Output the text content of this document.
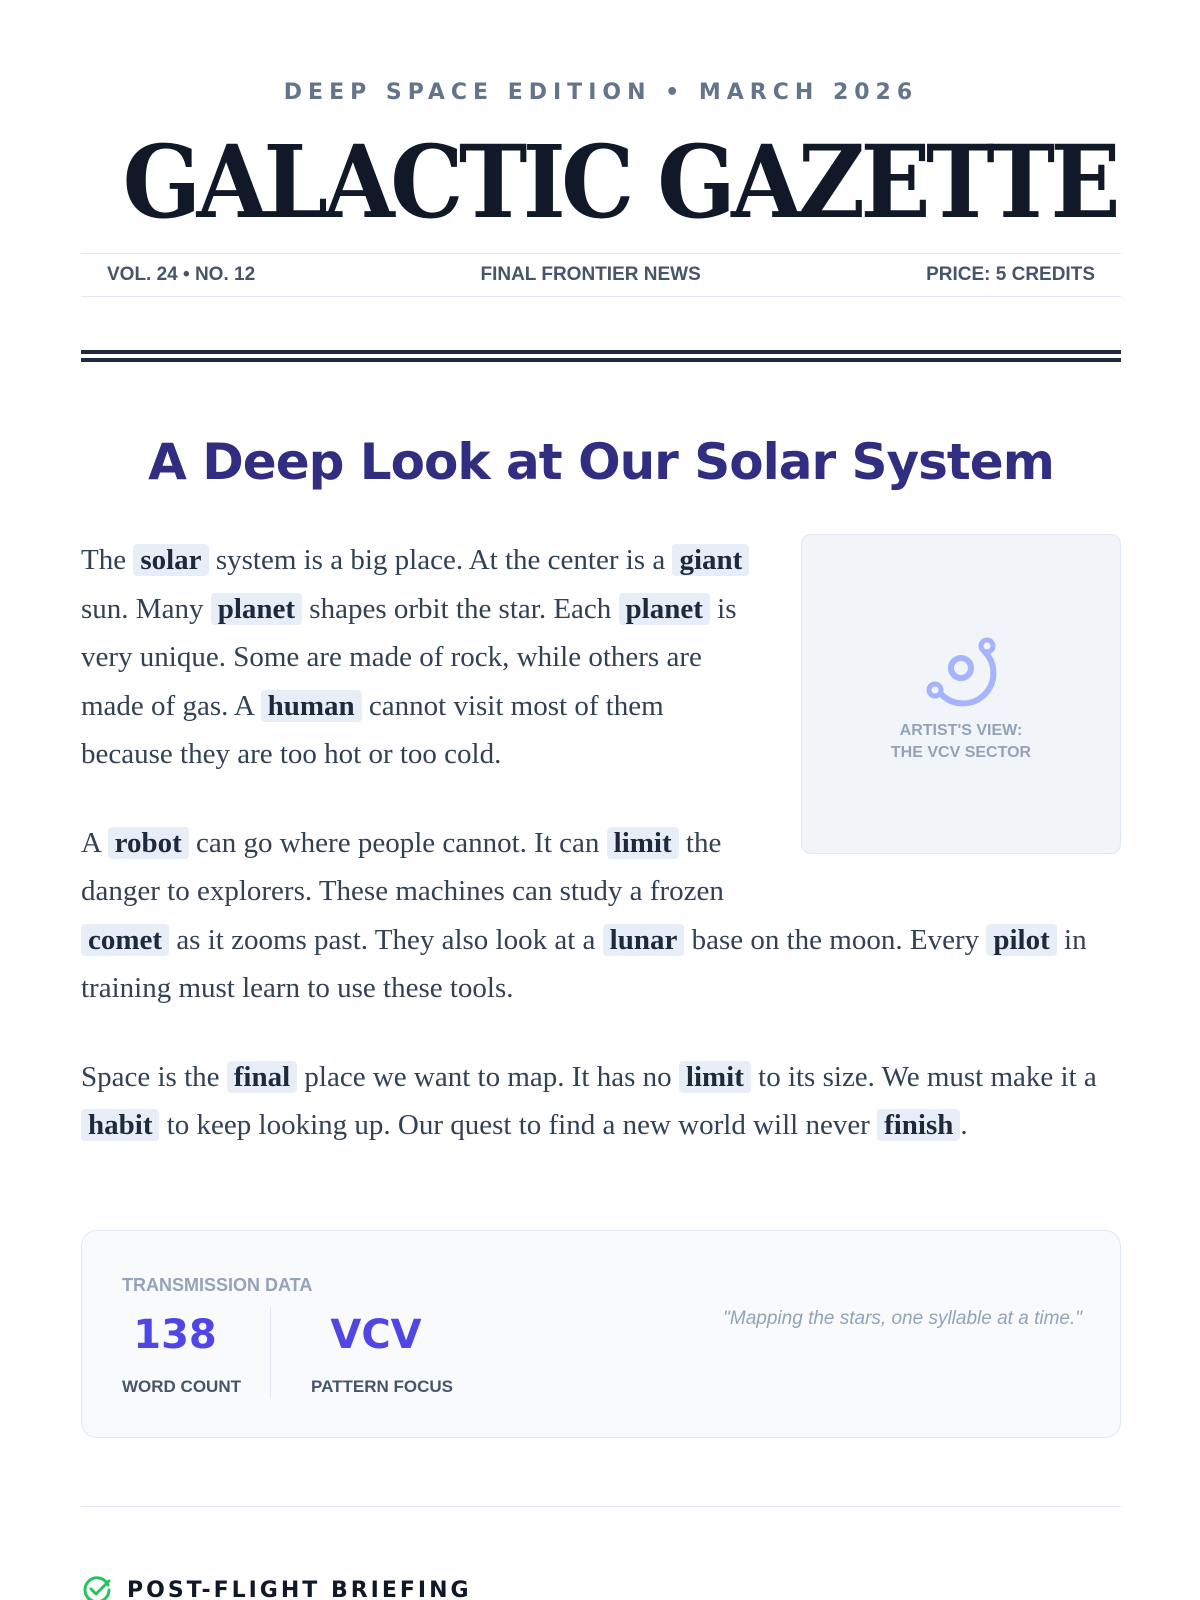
DEEP SPACE EDITION • MARCH 2026
GALACTIC GAZETTE
VOL. 24 • NO. 12	FINAL FRONTIER NEWS	PRICE: 5 CREDITS
A Deep Look at Our Solar System
ARTIST'S VIEW:
THE VCV SECTOR

The solar system is a big place. At the center is a giant sun. Many planet shapes orbit the star. Each planet is very unique. Some are made of rock, while others are made of gas. A human cannot visit most of them because they are too hot or too cold.

A robot can go where people cannot. It can limit the danger to explorers. These machines can study a frozen comet as it zooms past. They also look at a lunar base on the moon. Every pilot in training must learn to use these tools.

Space is the final place we want to map. It has no limit to its size. We must make it a habit to keep looking up. Our quest to find a new world will never finish .

TRANSMISSION DATA
138
WORD COUNT
VCV
PATTERN FOCUS
"Mapping the stars, one syllable at a time."
POST-FLIGHT BRIEFING
